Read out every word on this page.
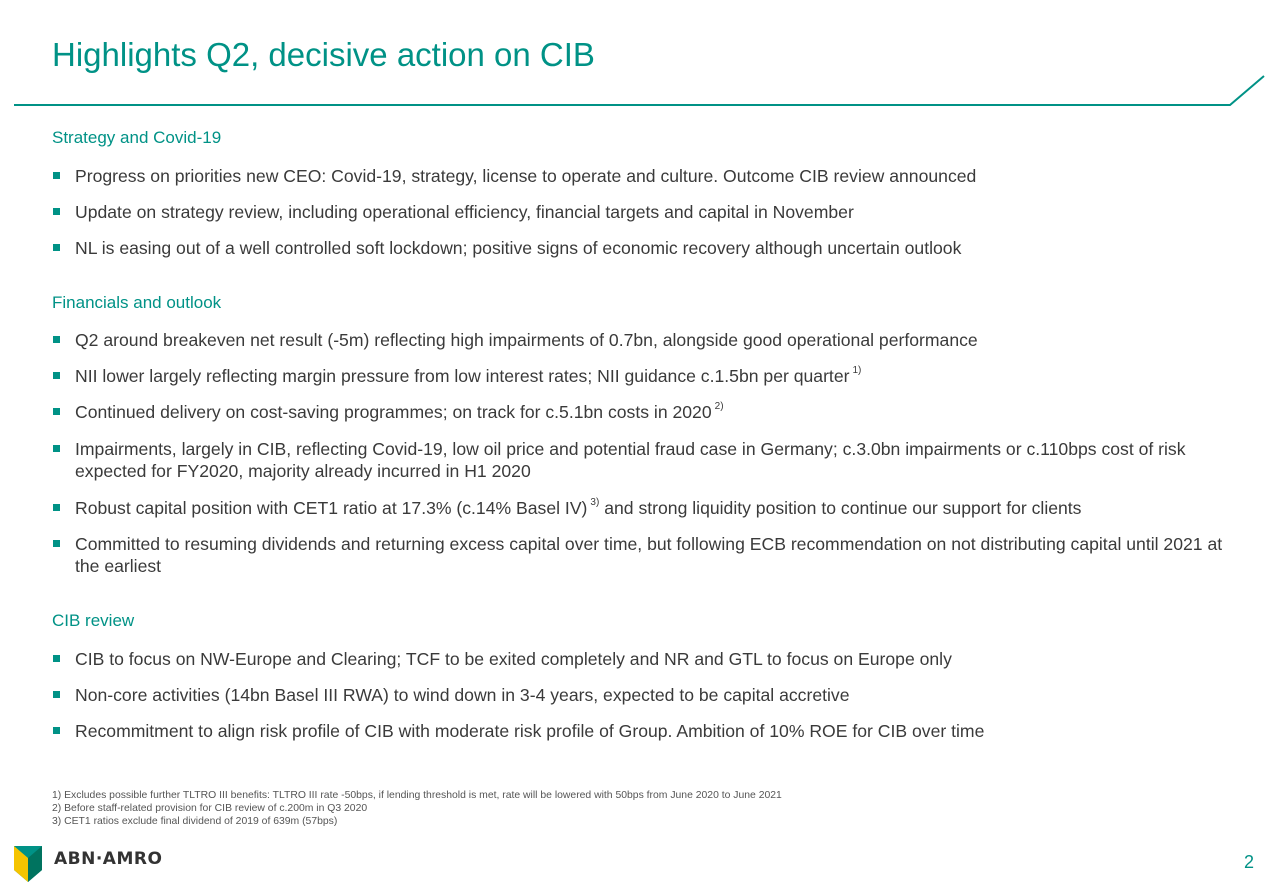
Highlights Q2, decisive action on CIB
Strategy and Covid-19
Progress on priorities new CEO: Covid-19, strategy, license to operate and culture. Outcome CIB review announced
Update on strategy review, including operational efficiency, financial targets and capital in November
NL is easing out of a well controlled soft lockdown; positive signs of economic recovery although uncertain outlook
Financials and outlook
Q2 around breakeven net result (-5m) reflecting high impairments of 0.7bn, alongside good operational performance
NII lower largely reflecting margin pressure from low interest rates; NII guidance c.1.5bn per quarter $^{1)}$
Continued delivery on cost-saving programmes; on track for c.5.1bn costs in 2020 $^{2)}$
Impairments, largely in CIB, reflecting Covid-19, low oil price and potential fraud case in Germany; c.3.0bn impairments or c.110bps cost of risk expected for FY2020, majority already incurred in H1 2020
Robust capital position with CET1 ratio at 17.3% (c.14% Basel IV) $^{3)}$ and strong liquidity position to continue our support for clients
Committed to resuming dividends and returning excess capital over time, but following ECB recommendation on not distributing capital until 2021 at the earliest
CIB review
CIB to focus on NW-Europe and Clearing; TCF to be exited completely and NR and GTL to focus on Europe only
Non-core activities (14bn Basel III RWA) to wind down in 3-4 years, expected to be capital accretive
Recommitment to align risk profile of CIB with moderate risk profile of Group. Ambition of 10% ROE for CIB over time
1) Excludes possible further TLTRO III benefits: TLTRO III rate -50bps, if lending threshold is met, rate will be lowered with 50bps from June 2020 to June 2021
2) Before staff-related provision for CIB review of c.200m in Q3 2020
3) CET1 ratios exclude final dividend of 2019 of 639m (57bps)
ABN·AMRO	2
